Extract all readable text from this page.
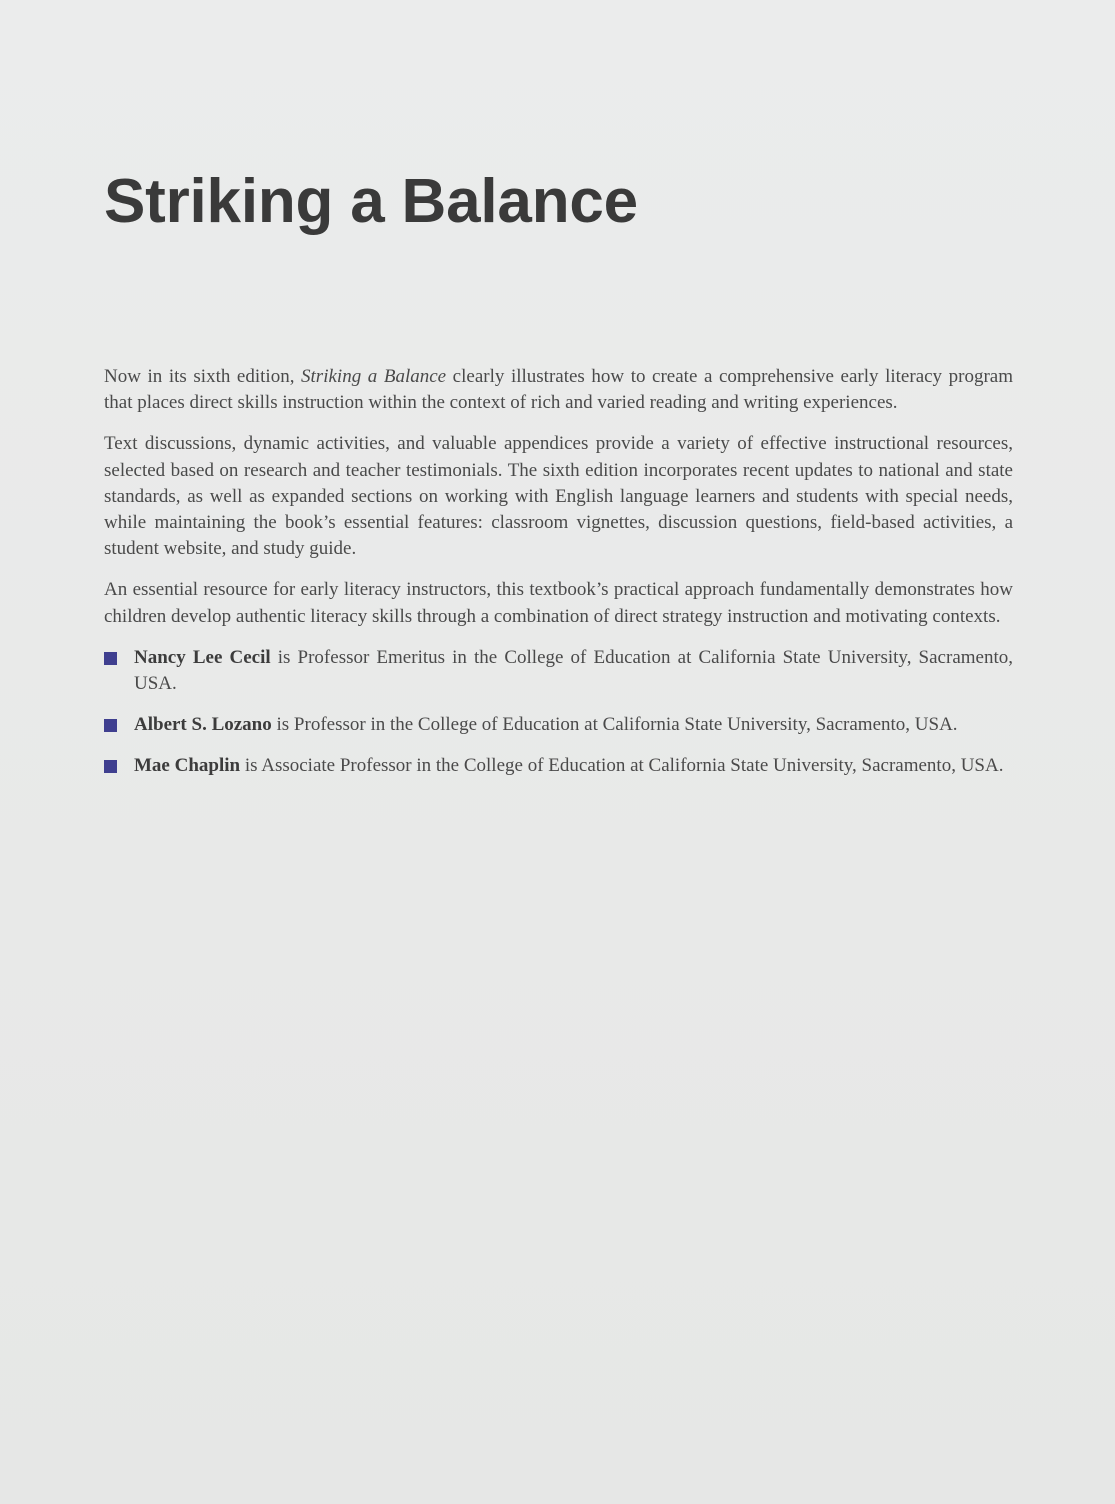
Striking a Balance

Now in its sixth edition, Striking a Balance clearly illustrates how to create a comprehensive early literacy program that places direct skills instruction within the context of rich and varied reading and writing experiences.

Text discussions, dynamic activities, and valuable appendices provide a variety of effective instructional resources, selected based on research and teacher testimonials. The sixth edition incorporates recent updates to national and state standards, as well as expanded sections on working with English language learners and students with special needs, while maintaining the book’s essential features: classroom vignettes, discussion questions, field-based activities, a student website, and study guide.

An essential resource for early literacy instructors, this textbook’s practical approach fundamentally demonstrates how children develop authentic literacy skills through a combination of direct strategy instruction and motivating contexts.

Nancy Lee Cecil is Professor Emeritus in the College of Education at California State University, Sacramento, USA.
Albert S. Lozano is Professor in the College of Education at California State University, Sacramento, USA.
Mae Chaplin is Associate Professor in the College of Education at California State University, Sacramento, USA.
